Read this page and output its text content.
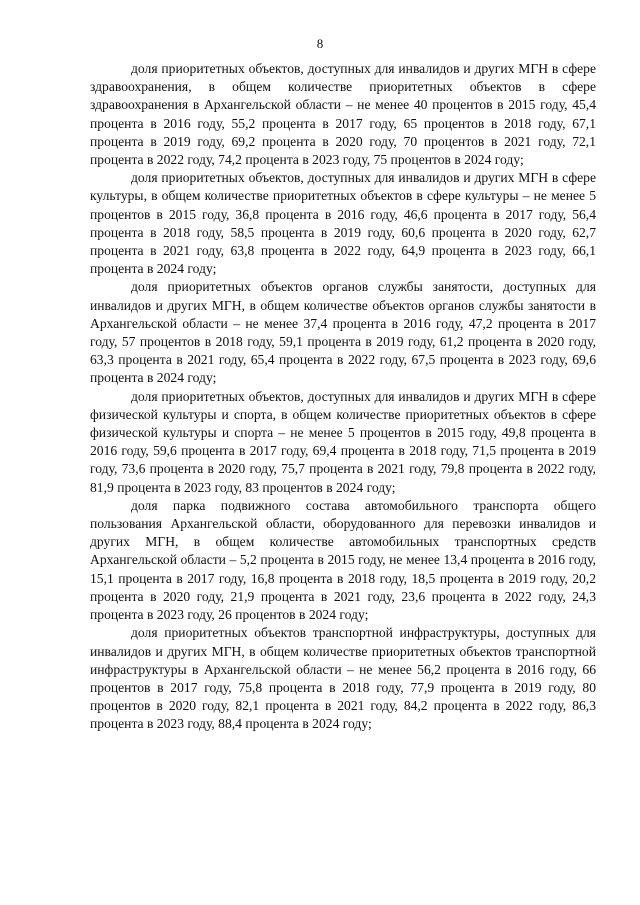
8

доля приоритетных объектов, доступных для инвалидов и других МГН в сфере здравоохранения, в общем количестве приоритетных объектов в сфере здравоохранения в Архангельской области – не менее 40 процентов в 2015 году, 45,4 процента в 2016 году, 55,2 процента в 2017 году, 65 процентов в 2018 году, 67,1 процента в 2019 году, 69,2 процента в 2020 году, 70 процентов в 2021 году, 72,1 процента в 2022 году, 74,2 процента в 2023 году, 75 процентов в 2024 году;

доля приоритетных объектов, доступных для инвалидов и других МГН в сфере культуры, в общем количестве приоритетных объектов в сфере культуры – не менее 5 процентов в 2015 году, 36,8 процента в 2016 году, 46,6 процента в 2017 году, 56,4 процента в 2018 году, 58,5 процента в 2019 году, 60,6 процента в 2020 году, 62,7 процента в 2021 году, 63,8 процента в 2022 году, 64,9 процента в 2023 году, 66,1 процента в 2024 году;

доля приоритетных объектов органов службы занятости, доступных для инвалидов и других МГН, в общем количестве объектов органов службы занятости в Архангельской области – не менее 37,4 процента в 2016 году, 47,2 процента в 2017 году, 57 процентов в 2018 году, 59,1 процента в 2019 году, 61,2 процента в 2020 году, 63,3 процента в 2021 году, 65,4 процента в 2022 году, 67,5 процента в 2023 году, 69,6 процента в 2024 году;

доля приоритетных объектов, доступных для инвалидов и других МГН в сфере физической культуры и спорта, в общем количестве приоритетных объектов в сфере физической культуры и спорта – не менее 5 процентов в 2015 году, 49,8 процента в 2016 году, 59,6 процента в 2017 году, 69,4 процента в 2018 году, 71,5 процента в 2019 году, 73,6 процента в 2020 году, 75,7 процента в 2021 году, 79,8 процента в 2022 году, 81,9 процента в 2023 году, 83 процентов в 2024 году;

доля парка подвижного состава автомобильного транспорта общего пользования Архангельской области, оборудованного для перевозки инвалидов и других МГН, в общем количестве автомобильных транспортных средств Архангельской области – 5,2 процента в 2015 году, не менее 13,4 процента в 2016 году, 15,1 процента в 2017 году, 16,8 процента в 2018 году, 18,5 процента в 2019 году, 20,2 процента в 2020 году, 21,9 процента в 2021 году, 23,6 процента в 2022 году, 24,3 процента в 2023 году, 26 процентов в 2024 году;

доля приоритетных объектов транспортной инфраструктуры, доступных для инвалидов и других МГН, в общем количестве приоритетных объектов транспортной инфраструктуры в Архангельской области – не менее 56,2 процента в 2016 году, 66 процентов в 2017 году, 75,8 процента в 2018 году, 77,9 процента в 2019 году, 80 процентов в 2020 году, 82,1 процента в 2021 году, 84,2 процента в 2022 году, 86,3 процента в 2023 году, 88,4 процента в 2024 году;
